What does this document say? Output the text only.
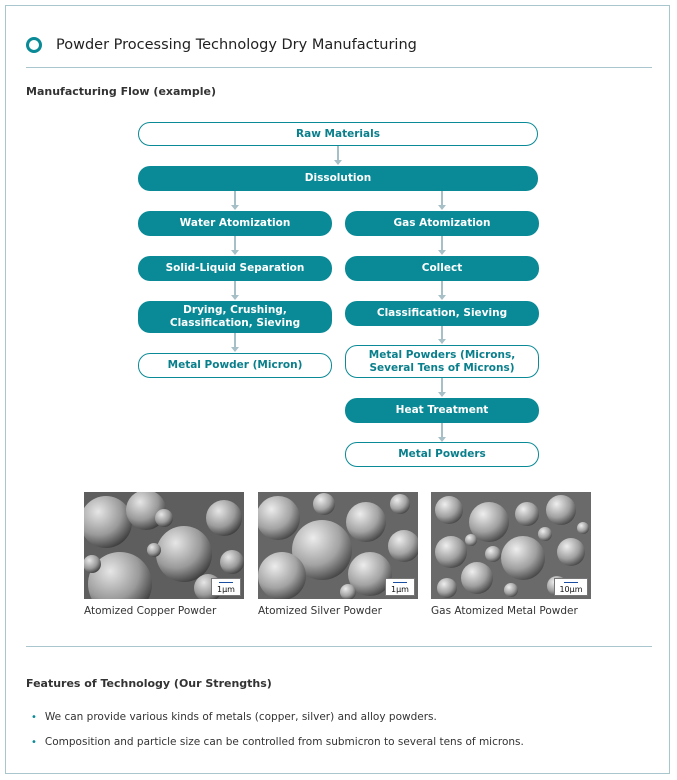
Powder Processing Technology Dry Manufacturing
Manufacturing Flow (example)
Raw Materials
Dissolution
Water Atomization
Solid-Liquid Separation
Drying, Crushing, Classification, Sieving
Metal Powder (Micron)
Gas Atomization
Collect
Classification, Sieving
Metal Powders (Microns, Several Tens of Microns)
Heat Treatment
Metal Powders
1μm
Atomized Copper Powder
1μm
Atomized Silver Powder
10μm
Gas Atomized Metal Powder
Features of Technology (Our Strengths)
• We can provide various kinds of metals (copper, silver) and alloy powders.
• Composition and particle size can be controlled from submicron to several tens of microns.
